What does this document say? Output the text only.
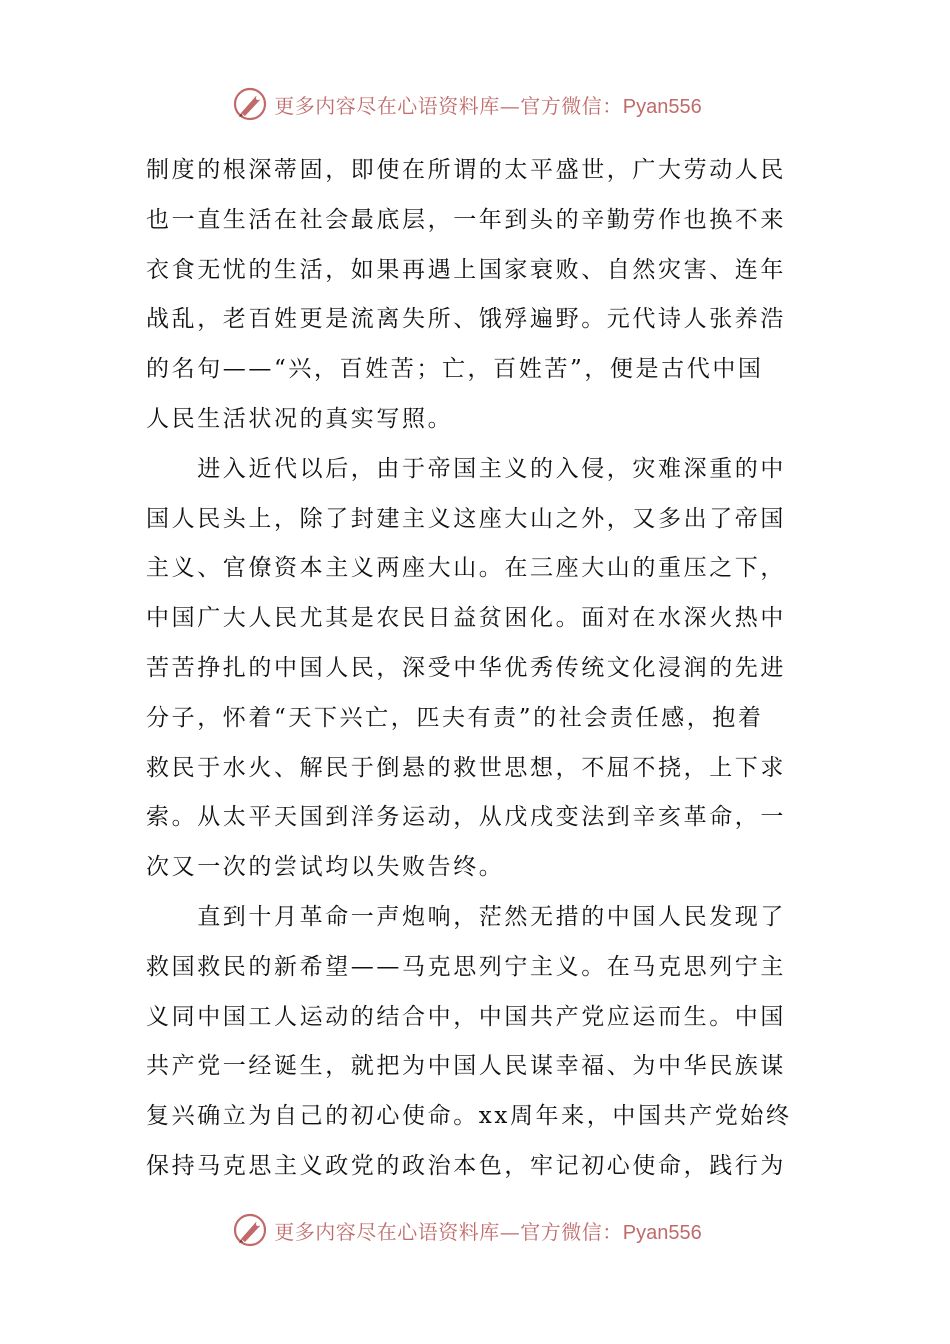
更多内容尽在心语资料库—官方微信：Pyan556
制度的根深蒂固，即使在所谓的太平盛世，广大劳动人民
也一直生活在社会最底层，一年到头的辛勤劳作也换不来
衣食无忧的生活，如果再遇上国家衰败、自然灾害、连年
战乱，老百姓更是流离失所、饿殍遍野。元代诗人张养浩
的名句——“兴，百姓苦；亡，百姓苦”，便是古代中国
人民生活状况的真实写照。
　　进入近代以后，由于帝国主义的入侵，灾难深重的中
国人民头上，除了封建主义这座大山之外，又多出了帝国
主义、官僚资本主义两座大山。在三座大山的重压之下，
中国广大人民尤其是农民日益贫困化。面对在水深火热中
苦苦挣扎的中国人民，深受中华优秀传统文化浸润的先进
分子，怀着“天下兴亡，匹夫有责”的社会责任感，抱着
救民于水火、解民于倒悬的救世思想，不屈不挠，上下求
索。从太平天国到洋务运动，从戊戌变法到辛亥革命，一
次又一次的尝试均以失败告终。
　　直到十月革命一声炮响，茫然无措的中国人民发现了
救国救民的新希望——马克思列宁主义。在马克思列宁主
义同中国工人运动的结合中，中国共产党应运而生。中国
共产党一经诞生，就把为中国人民谋幸福、为中华民族谋
复兴确立为自己的初心使命。xx周年来，中国共产党始终
保持马克思主义政党的政治本色，牢记初心使命，践行为
更多内容尽在心语资料库—官方微信：Pyan556
